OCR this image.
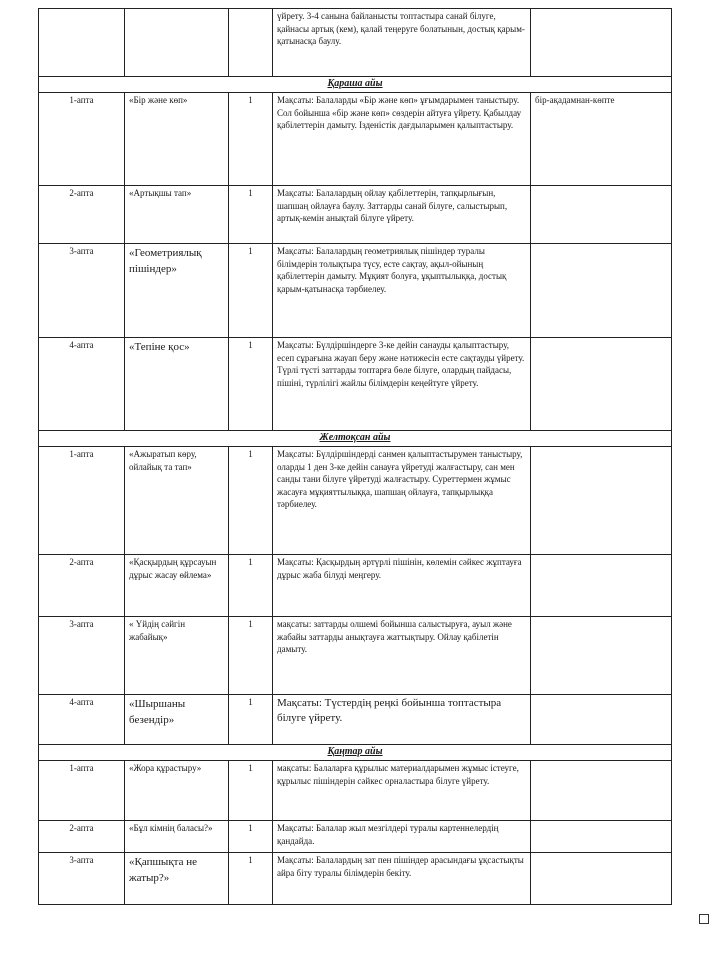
			үйрету. 3-4 санына байланысты топтастыра санай білуге, қайнасы артық (кем), қалай теңеруге болатынын, достық қарым-қатынасқа баулу.	
Қараша айы				
1-апта	«Бір және көп»	1	Мақсаты: Балаларды «Бір және көп» ұғымдарымен таныстыру. Сол бойынша «бір және көп» сөздерін айтуға үйрету. Қабылдау қабілеттерін дамыту. Ізденістік дағдыларымен қалыптастыру.	бір-ақадамнан-көпте
2-апта	«Артықшы тап»	1	Мақсаты: Балалардың ойлау қабілеттерін, тапқырлығын, шапшаң ойлауға баулу. Заттарды санай білуге, салыстырып, артық-кемін анықтай білуге үйрету.	
3-апта	«Геометриялық пішіндер»	1	Мақсаты: Балалардың геометриялық пішіндер туралы білімдерін толықтыра түсу, есте сақтау, ақыл-ойының қабілеттерін дамыту. Мұқият болуға, ұқыптылыққа, достық қарым-қатынасқа тәрбиелеу.	
4-апта	«Тепіне қос»	1	Мақсаты: Бүлдіршіндерге 3-ке дейін санауды қалыптастыру, есеп сұрағына жауап беру және нәтижесін есте сақтауды үйрету. Түрлі түсті заттарды топтарға бөле білуге, олардың пайдасы, пішіні, түрлілігі жайлы білімдерін кеңейтуге үйрету.	
Желтоқсан айы				
1-апта	«Ажыратып көру, ойлайық та тап»	1	Мақсаты: Бүлдіршіндерді санмен қалыптастырумен таныстыру, оларды 1 ден 3-ке дейін санауға үйретуді жалғастыру, сан мен санды тани білуге үйретуді жалғастыру. Суреттермен жұмыс жасауға мұқияттылыққа, шапшаң ойлауға, тапқырлыққа тәрбиелеу.	
2-апта	«Қасқырдың құрсауын дұрыс жасау өйлема»	1	Мақсаты: Қасқырдың әртүрлі пішінін, көлемін сәйкес жұптауға дұрыс жаба білуді меңгеру.	
3-апта	« Үйдің сәйгін жабайық»	1	мақсаты: заттарды олшемі бойынша салыстыруға, ауыл және жабайы заттарды анықтауға жаттықтыру. Ойлау қабілетін дамыту.	
4-апта	«Шыршаны безендір»	1	Мақсаты: Түстердің реңкі бойынша топтастыра білуге үйрету.	
Қаңтар айы				
1-апта	«Жора құрастыру»	1	мақсаты: Балаларға құрылыс материалдарымен жұмыс істеуге, құрылыс пішіндерін сәйкес орналастыра білуге үйрету.	
2-апта	«Бұл кімнің баласы?»	1	Мақсаты: Балалар жыл мезгілдері туралы картеннелердің қандайда.	
3-апта	«Қапшықта не жатыр?»	1	Мақсаты: Балалардың зат пен пішіндер арасындағы ұқсастықты айра біту туралы білімдерін бекіту.	
